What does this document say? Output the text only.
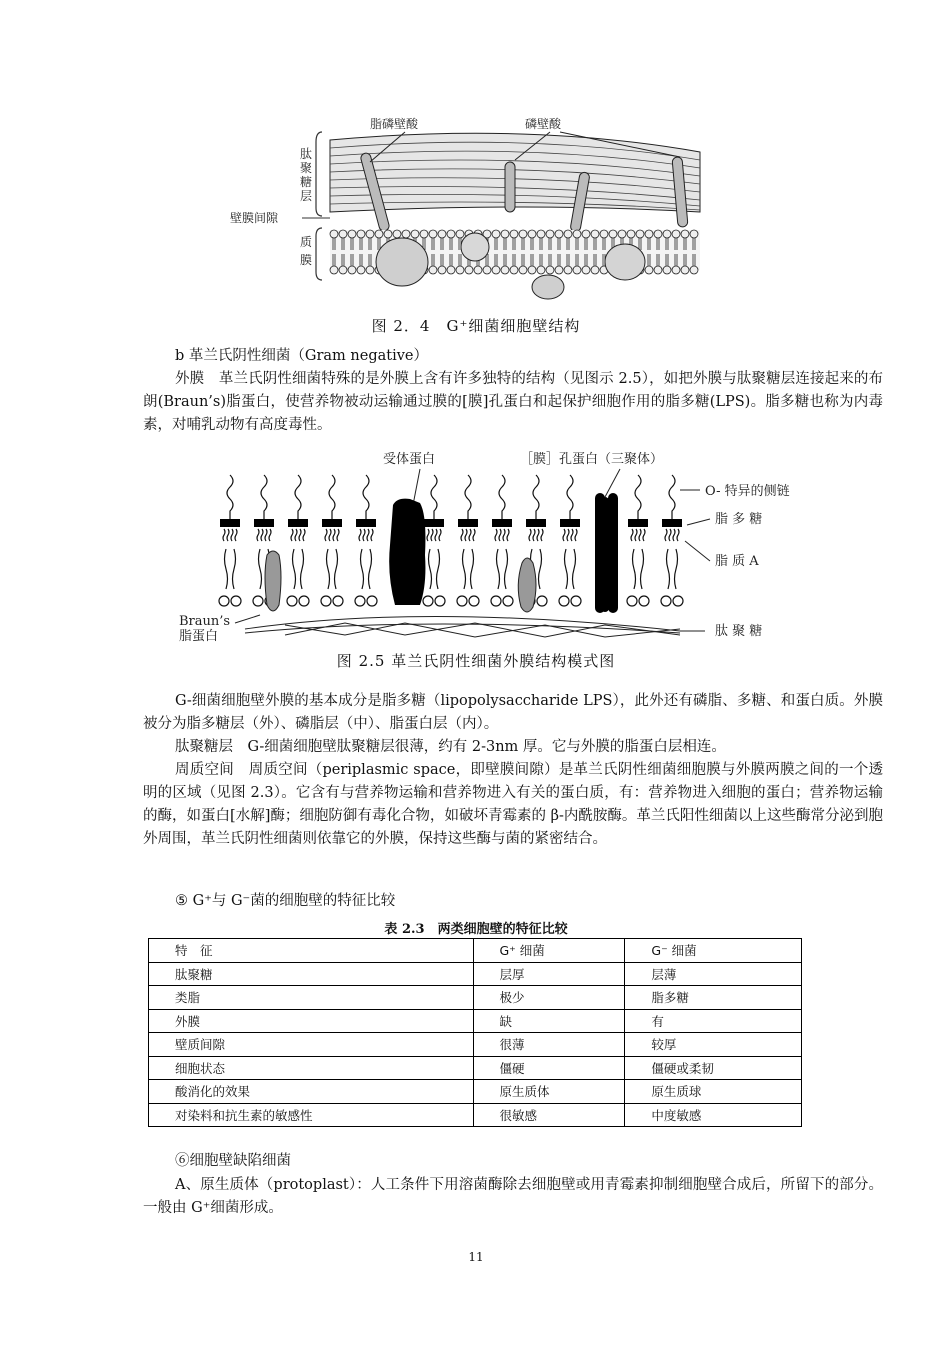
脂磷壁酸	磷壁酸
肽
聚
糖
层
壁膜间隙
质
膜
图 2．4　G⁺细菌细胞壁结构
b 革兰氏阴性细菌（Gram negative）
外膜　革兰氏阴性细菌特殊的是外膜上含有许多独特的结构（见图示 2.5），如把外膜与肽聚糖层连接起来的布朗(Braun’s)脂蛋白，使营养物被动运输通过膜的[膜]孔蛋白和起保护细胞作用的脂多糖(LPS)。脂多糖也称为内毒素，对哺乳动物有高度毒性。
受体蛋白	［膜］孔蛋白（三聚体）
O- 特异的侧链
脂 多 糖
脂 质 A
Braun’s
脂蛋白	肽 聚 糖
图 2.5 革兰氏阴性细菌外膜结构模式图
G-细菌细胞壁外膜的基本成分是脂多糖（lipopolysaccharide LPS），此外还有磷脂、多糖、和蛋白质。外膜被分为脂多糖层（外）、磷脂层（中）、脂蛋白层（内）。
肽聚糖层　G-细菌细胞壁肽聚糖层很薄，约有 2-3nm 厚。它与外膜的脂蛋白层相连。
周质空间　周质空间（periplasmic space，即壁膜间隙）是革兰氏阴性细菌细胞膜与外膜两膜之间的一个透明的区域（见图 2.3）。它含有与营养物运输和营养物进入有关的蛋白质，有：营养物进入细胞的蛋白；营养物运输的酶，如蛋白[水解]酶；细胞防御有毒化合物，如破坏青霉素的 β-内酰胺酶。革兰氏阳性细菌以上这些酶常分泌到胞外周围，革兰氏阴性细菌则依靠它的外膜，保持这些酶与菌的紧密结合。
⑤ G⁺与 G⁻菌的细胞壁的特征比较
表 2.3　两类细胞壁的特征比较
特　征	G⁺ 细菌	G⁻ 细菌
肽聚糖	层厚	层薄
类脂	极少	脂多糖
外膜	缺	有
壁质间隙	很薄	较厚
细胞状态	僵硬	僵硬或柔韧
酸消化的效果	原生质体	原生质球
对染料和抗生素的敏感性	很敏感	中度敏感
⑥细胞壁缺陷细菌
A、原生质体（protoplast）：人工条件下用溶菌酶除去细胞壁或用青霉素抑制细胞壁合成后，所留下的部分。一般由 G⁺细菌形成。
11
